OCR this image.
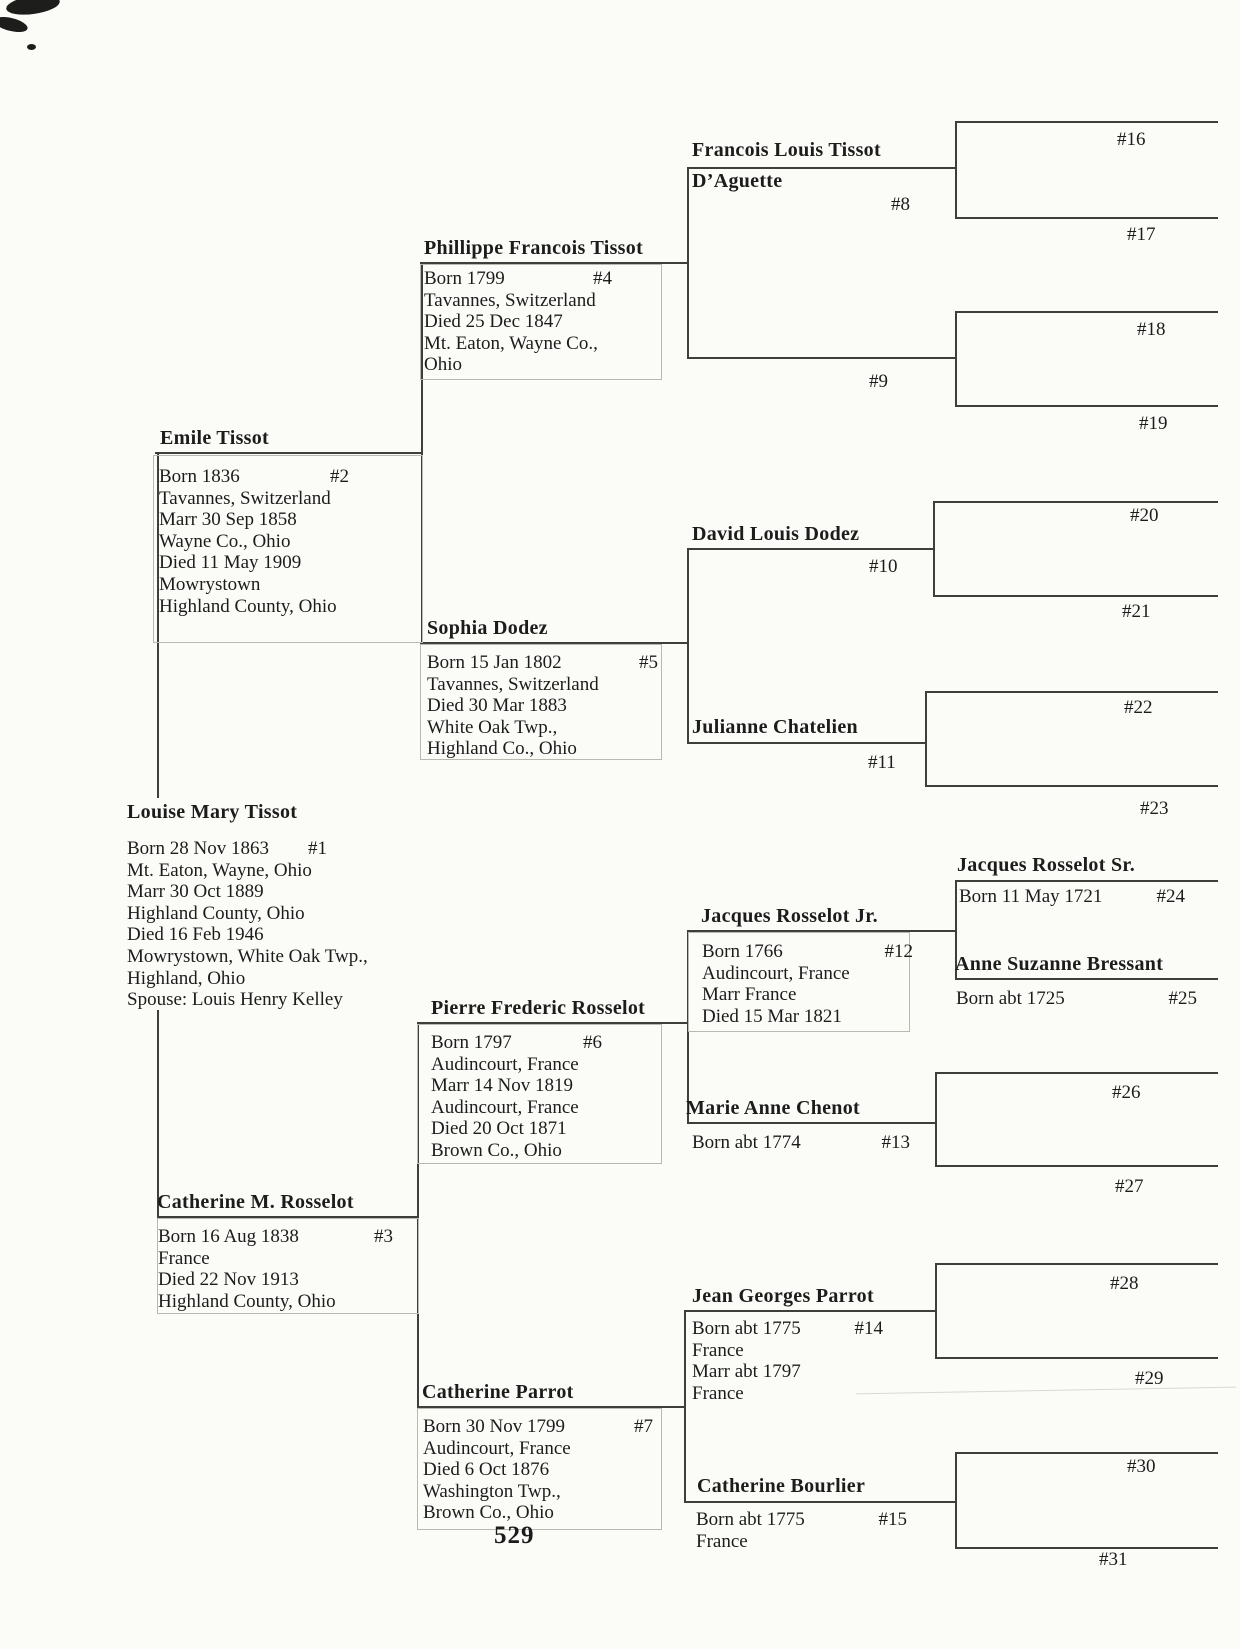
Louise Mary Tissot
Born 28 Nov 1863 #1
Mt. Eaton, Wayne, Ohio
Marr 30 Oct 1889
Highland County, Ohio
Died 16 Feb 1946
Mowrystown, White Oak Twp.,
Highland, Ohio
Spouse: Louis Henry Kelley
Emile Tissot
Born 1836	#2
Tavannes, Switzerland
Marr 30 Sep 1858
Wayne Co., Ohio
Died 11 May 1909
Mowrystown
Highland County, Ohio
Catherine M. Rosselot
Born 16 Aug 1838	#3
France
Died 22 Nov 1913
Highland County, Ohio
Phillippe Francois Tissot
Born 1799	#4
Tavannes, Switzerland
Died 25 Dec 1847
Mt. Eaton, Wayne Co.,
Ohio
Sophia Dodez
Born 15 Jan 1802	#5
Tavannes, Switzerland
Died 30 Mar 1883
White Oak Twp.,
Highland Co., Ohio
Pierre Frederic Rosselot
Born 1797	#6
Audincourt, France
Marr 14 Nov 1819
Audincourt, France
Died 20 Oct 1871
Brown Co., Ohio
Catherine Parrot
Born 30 Nov 1799	#7
Audincourt, France
Died 6 Oct 1876
Washington Twp.,
Brown Co., Ohio
Francois Louis Tissot
D’Aguette
#8
#9
David Louis Dodez
#10
Julianne Chatelien
#11
Jacques Rosselot Jr.
Born 1766	#12
Audincourt, France
Marr France
Died 15 Mar 1821
Marie Anne Chenot
Born abt 1774	#13
Jean Georges Parrot
Born abt 1775	#14
France
Marr abt 1797
France
Catherine Bourlier
Born abt 1775	#15
France
Jacques Rosselot Sr.
Born 11 May 1721	#24
Anne Suzanne Bressant
Born abt 1725	#25
#16
#17
#18
#19
#20
#21
#22
#23
#26
#27
#28
#29
#30
#31
529
